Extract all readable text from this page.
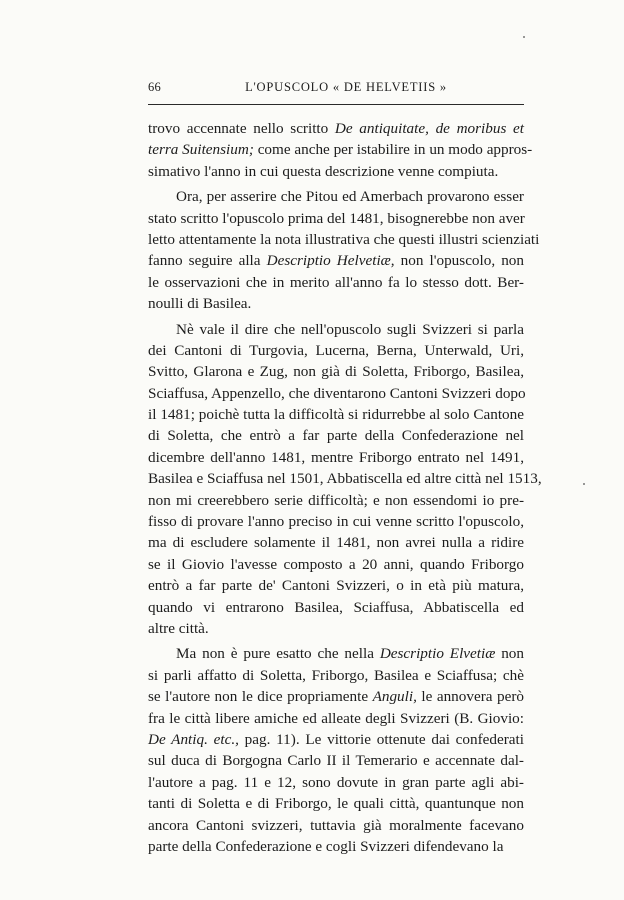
66	L'OPUSCOLO « DE HELVETIIS »
trovo accennate nello scritto De antiquitate, de moribus et
terra Suitensium; come anche per istabilire in un modo appros-
simativo l'anno in cui questa descrizione venne compiuta.
Ora, per asserire che Pitou ed Amerbach provarono esser
stato scritto l'opuscolo prima del 1481, bisognerebbe non aver
letto attentamente la nota illustrativa che questi illustri scienziati
fanno seguire alla Descriptio Helvetiæ, non l'opuscolo, non
le osservazioni che in merito all'anno fa lo stesso dott. Ber-
noulli di Basilea.
Nè vale il dire che nell'opuscolo sugli Svizzeri si parla
dei Cantoni di Turgovia, Lucerna, Berna, Unterwald, Uri,
Svitto, Glarona e Zug, non già di Soletta, Friborgo, Basilea,
Sciaffusa, Appenzello, che diventarono Cantoni Svizzeri dopo
il 1481; poichè tutta la difficoltà si ridurrebbe al solo Cantone
di Soletta, che entrò a far parte della Confederazione nel
dicembre dell'anno 1481, mentre Friborgo entrato nel 1491,
Basilea e Sciaffusa nel 1501, Abbatiscella ed altre città nel 1513,
non mi creerebbero serie difficoltà; e non essendomi io pre-
fisso di provare l'anno preciso in cui venne scritto l'opuscolo,
ma di escludere solamente il 1481, non avrei nulla a ridire
se il Giovio l'avesse composto a 20 anni, quando Friborgo
entrò a far parte de' Cantoni Svizzeri, o in età più matura,
quando vi entrarono Basilea, Sciaffusa, Abbatiscella ed
altre città.
Ma non è pure esatto che nella Descriptio Elvetiæ non
si parli affatto di Soletta, Friborgo, Basilea e Sciaffusa; chè
se l'autore non le dice propriamente Anguli, le annovera però
fra le città libere amiche ed alleate degli Svizzeri (B. Giovio:
De Antiq. etc., pag. 11). Le vittorie ottenute dai confederati
sul duca di Borgogna Carlo II il Temerario e accennate dal-
l'autore a pag. 11 e 12, sono dovute in gran parte agli abi-
tanti di Soletta e di Friborgo, le quali città, quantunque non
ancora Cantoni svizzeri, tuttavia già moralmente facevano
parte della Confederazione e cogli Svizzeri difendevano la
